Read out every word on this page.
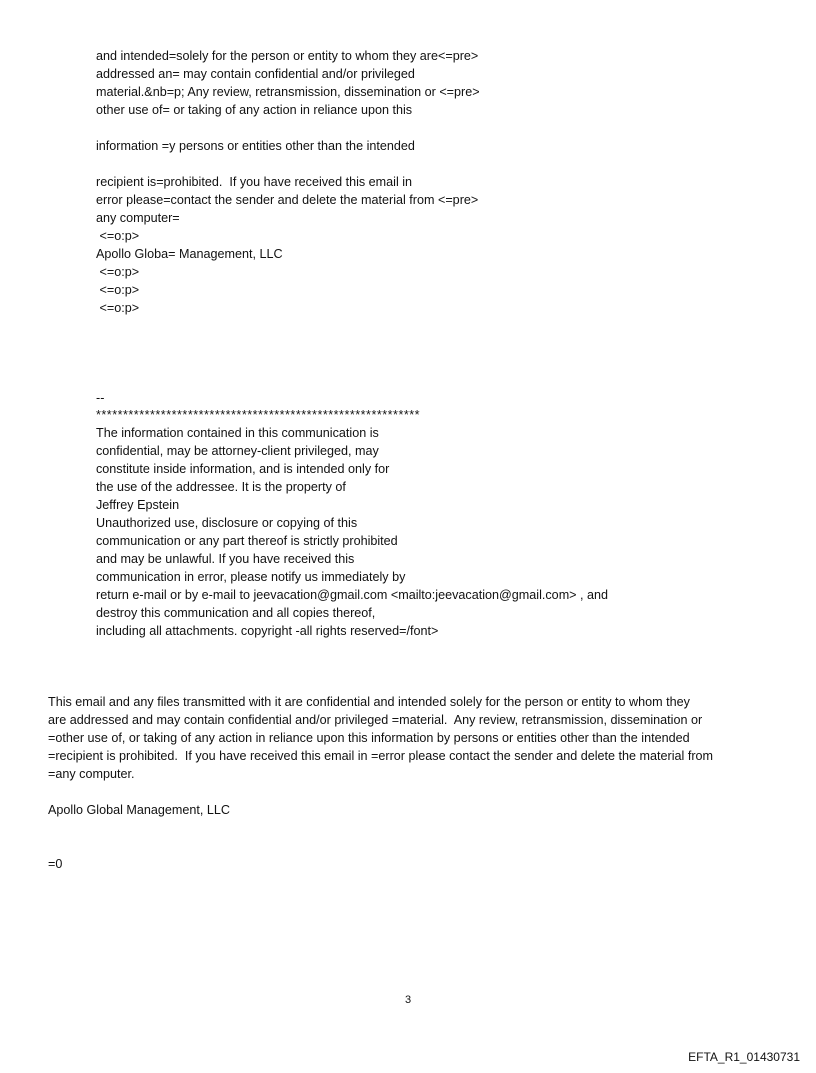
and intended=solely for the person or entity to whom they are<=pre>
addressed an= may contain confidential and/or privileged
material.&nb=p; Any review, retransmission, dissemination or <=pre>
other use of= or taking of any action in reliance upon this
information =y persons or entities other than the intended
recipient is=prohibited.  If you have received this email in
error please=contact the sender and delete the material from <=pre>
any computer=
<=o:p>
Apollo Globa= Management, LLC
<=o:p>
<=o:p>
<=o:p>
--
************************************************************
The information contained in this communication is
confidential, may be attorney-client privileged, may
constitute inside information, and is intended only for
the use of the addressee. It is the property of
Jeffrey Epstein
Unauthorized use, disclosure or copying of this
communication or any part thereof is strictly prohibited
and may be unlawful. If you have received this
communication in error, please notify us immediately by
return e-mail or by e-mail to jeevacation@gmail.com <mailto:jeevacation@gmail.com> , and
destroy this communication and all copies thereof,
including all attachments. copyright -all rights reserved=/font>
This email and any files transmitted with it are confidential and intended solely for the person or entity to whom they
are addressed and may contain confidential and/or privileged =material.  Any review, retransmission, dissemination or
=other use of, or taking of any action in reliance upon this information by persons or entities other than the intended
=recipient is prohibited.  If you have received this email in =error please contact the sender and delete the material from
=any computer.
Apollo Global Management, LLC
=0
3
EFTA_R1_01430731
